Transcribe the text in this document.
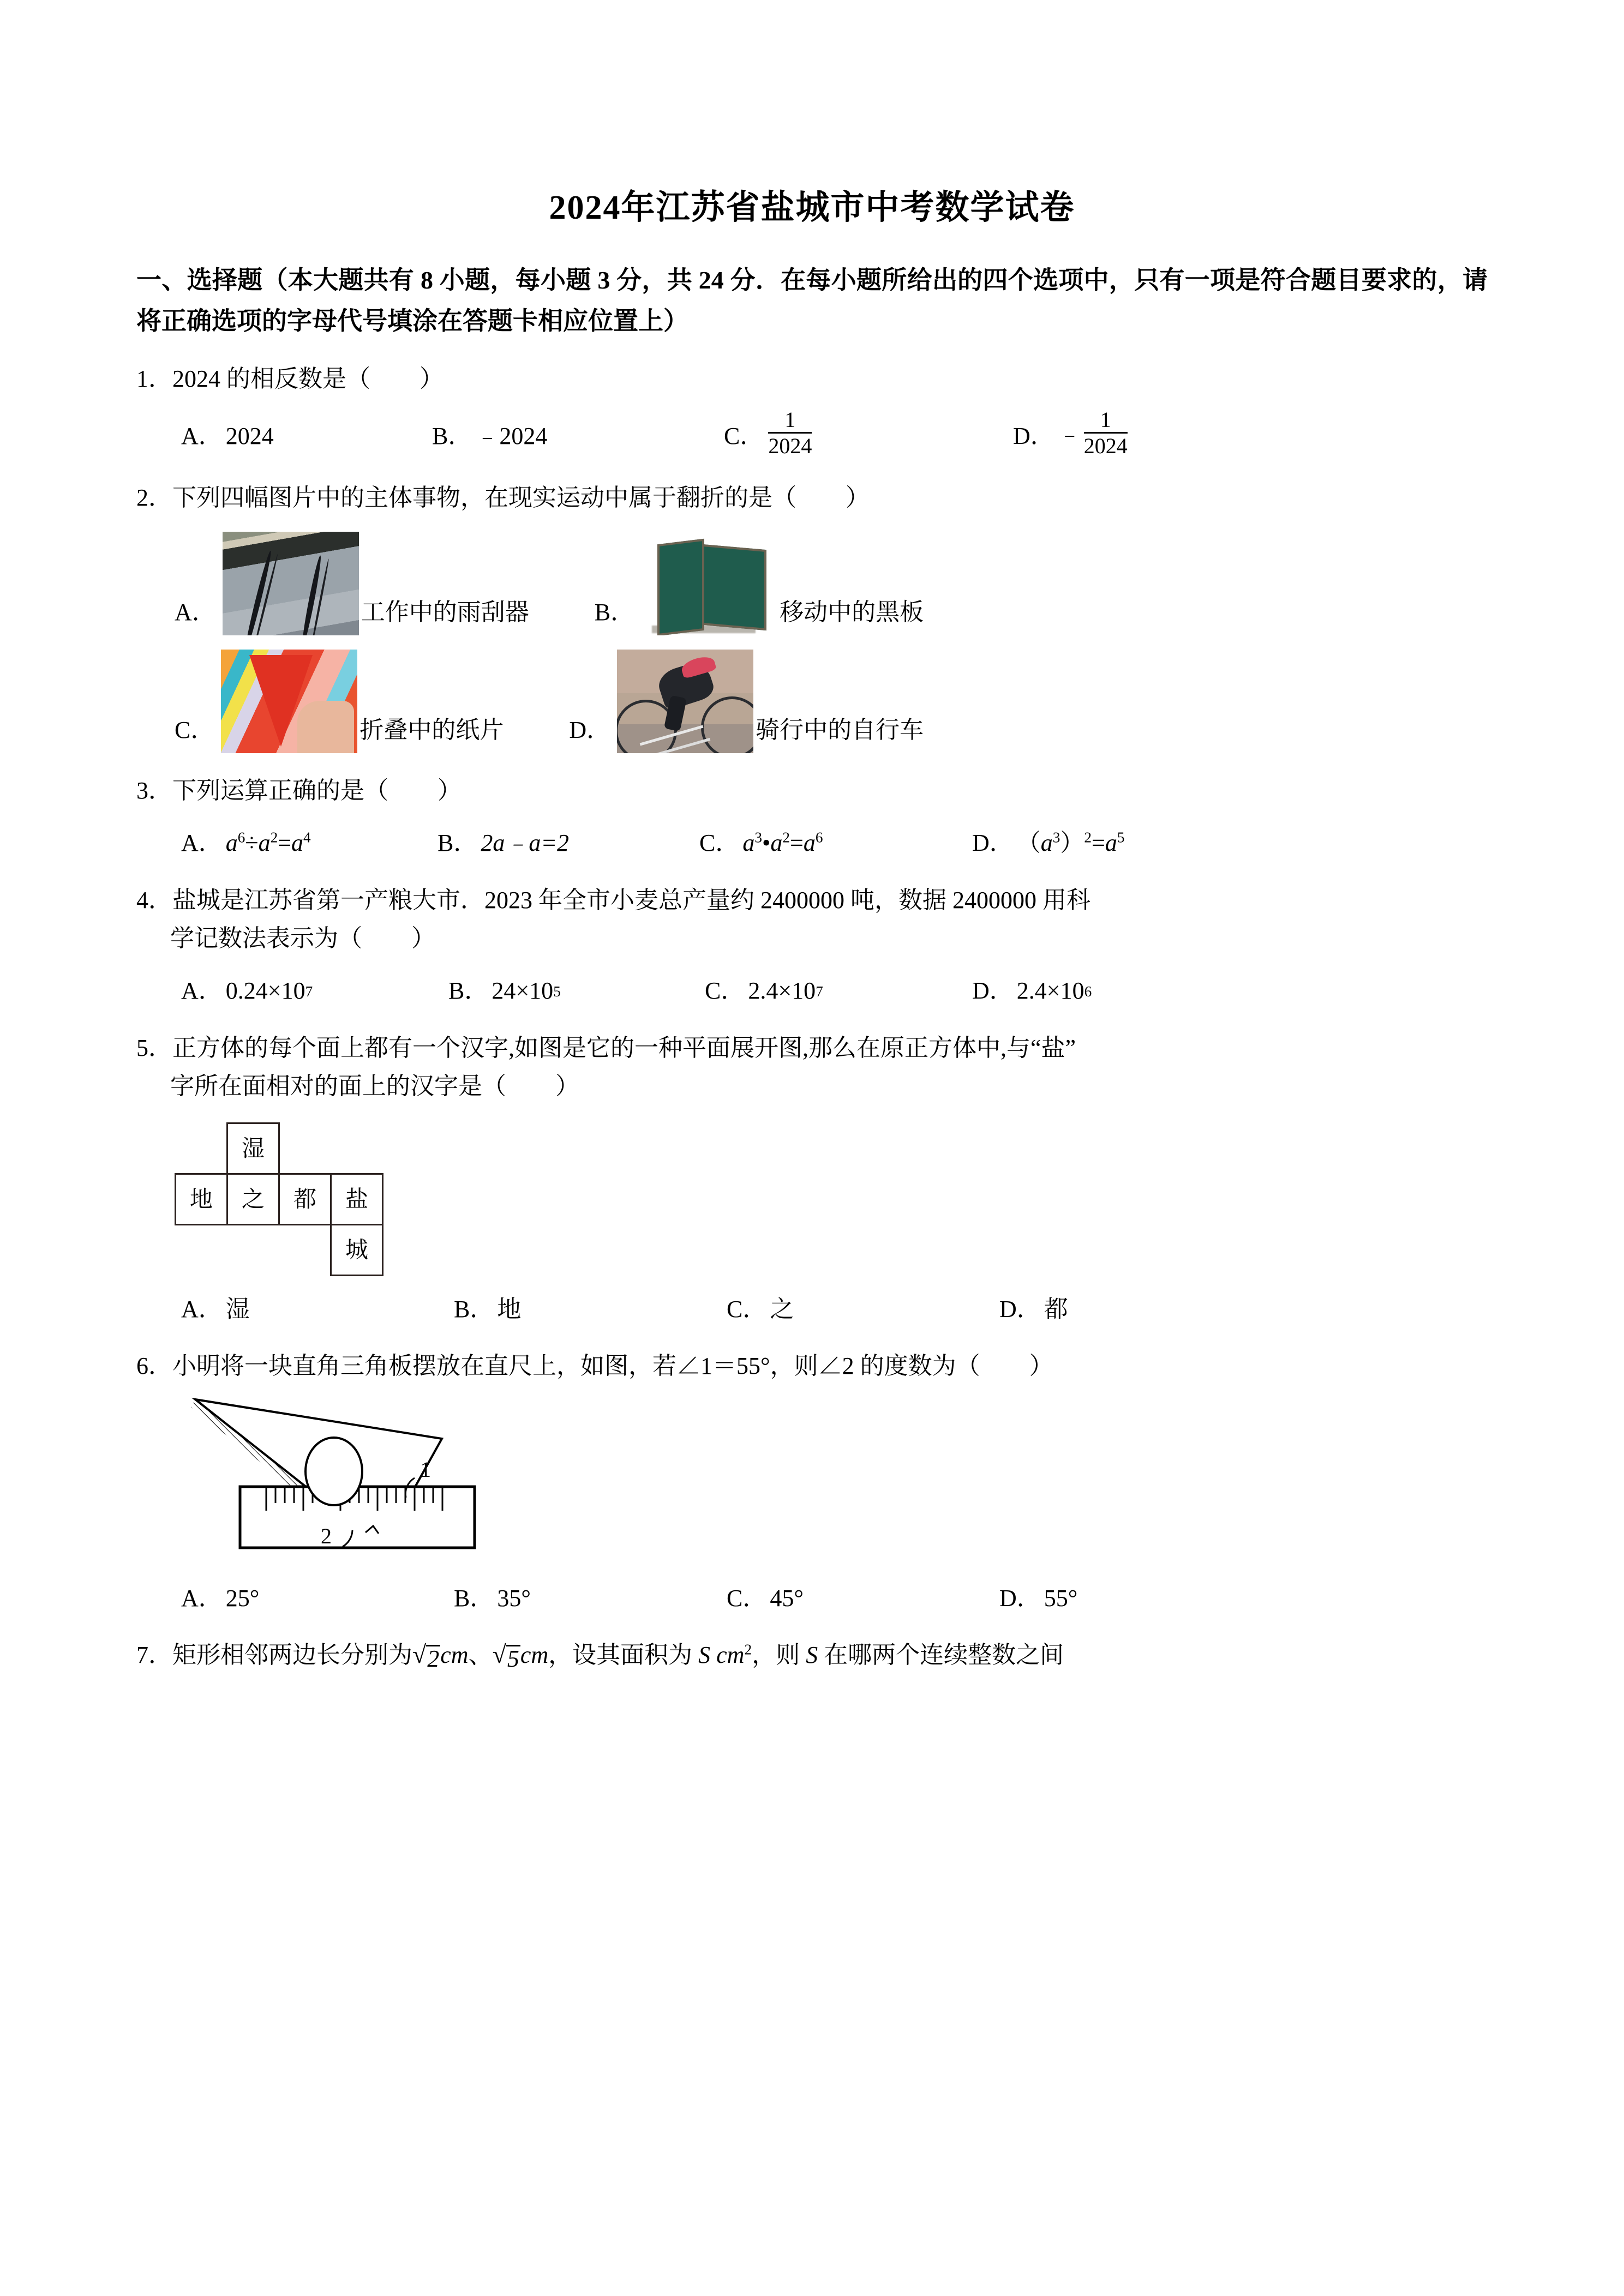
2024年江苏省盐城市中考数学试卷
一、选择题（本大题共有 8 小题，每小题 3 分，共 24 分．在每小题所给出的四个选项中，只有一项是符合题目要求的，请将正确选项的字母代号填涂在答题卡相应位置上）
1．2024 的相反数是（ ）
A． 2024	B． ﹣2024	C． $\frac{1}{2024}$	D． ﹣ $\frac{1}{2024}$
2．下列四幅图片中的主体事物，在现实运动中属于翻折的是（ ）
A．	工作中的雨刮器	B．	移动中的黑板
C．	折叠中的纸片	D．	骑行中的自行车
3．下列运算正确的是（ ）
A． $a^6\div a^2=a^4$	B． 2a﹣a=2	C． $a^3•a^2=a^6$	D． $(a^3)^2=a^5$
4．盐城是江苏省第一产粮大市．2023 年全市小麦总产量约 2400000 吨，数据 2400000 用科
学记数法表示为（ ）
A． 0.24×10 7	B． 24×10 5	C． 2.4×10 7	D． 2.4×10 6
5．正方体的每个面上都有一个汉字,如图是它的一种平面展开图,那么在原正方体中,与“盐”
字所在面相对的面上的汉字是（ ）
	湿		
地	之	都	盐
			城
A． 湿	B． 地	C． 之	D． 都
6．小明将一块直角三角板摆放在直尺上，如图，若∠1＝55°，则∠2 的度数为（ ）
1
2
A． 25°	B． 35°	C． 45°	D． 55°
7．矩形相邻两边长分别为 √ 2 cm、 √ 5 cm，设其面积为 S $cm^2$，则 S 在哪两个连续整数之间
